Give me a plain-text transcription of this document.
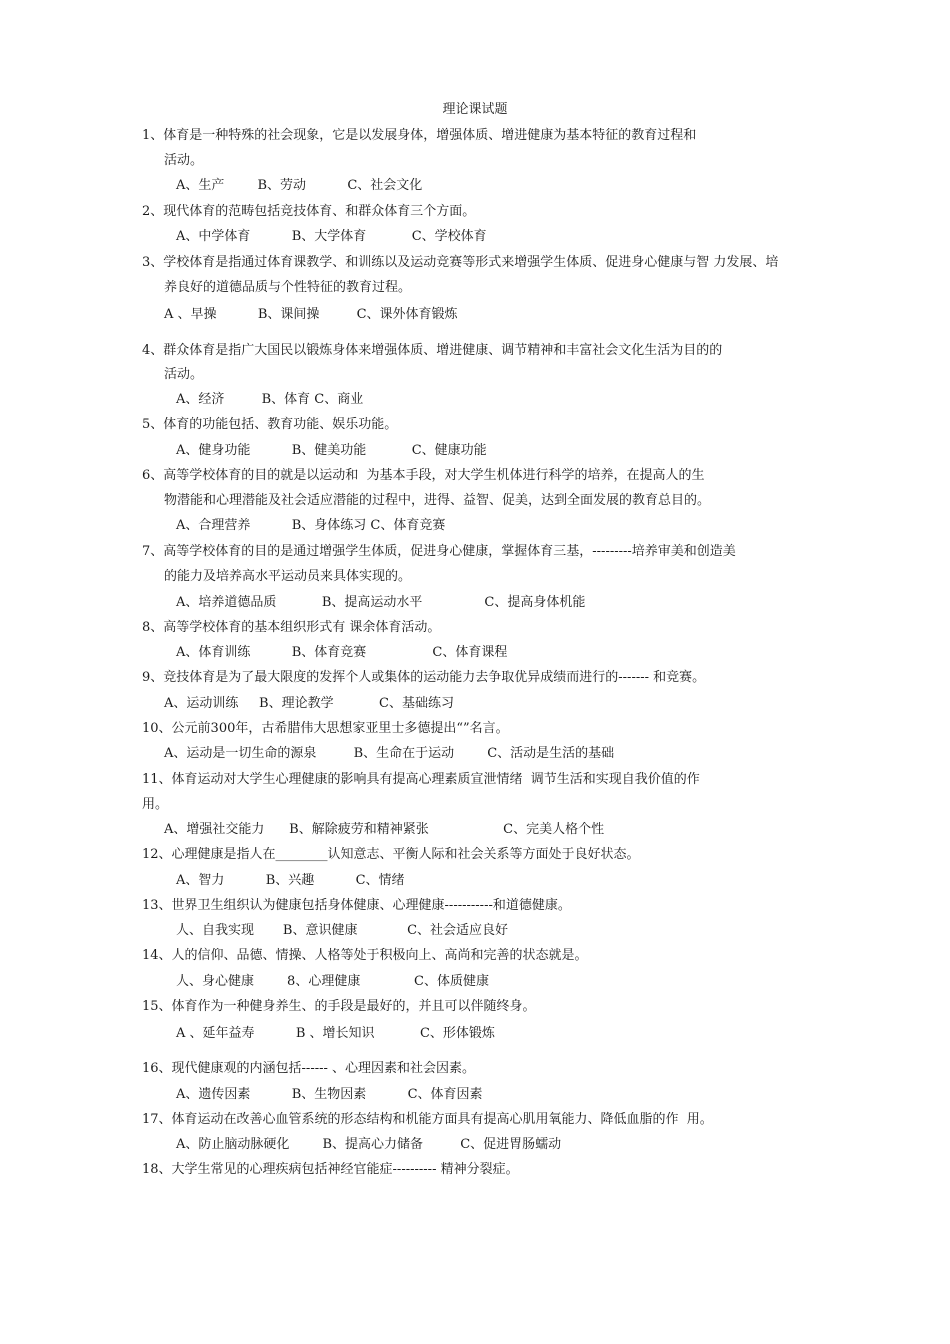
理论课试题
1、体育是一种特殊的社会现象，它是以发展身体，增强体质、增进健康为基本特征的教育过程和
活动。
A、生产        B、劳动          C、社会文化
2、现代体育的范畴包括竞技体育、和群众体育三个方面。
A、中学体育          B、大学体育           C、学校体育
3、学校体育是指通过体育课教学、和训练以及运动竞赛等形式来增强学生体质、促进身心健康与智 力发展、培
养良好的道德品质与个性特征的教育过程。
A 、早操          B、课间操         C、课外体育锻炼
4、群众体育是指广大国民以锻炼身体来增强体质、增进健康、调节精神和丰富社会文化生活为目的的
活动。
A、经济         B、体育 C、商业
5、体育的功能包括、教育功能、娱乐功能。
A、健身功能          B、健美功能           C、健康功能
6、高等学校体育的目的就是以运动和  为基本手段，对大学生机体进行科学的培养，在提高人的生
物潜能和心理潜能及社会适应潜能的过程中，进得、益智、促美，达到全面发展的教育总目的。
A、合理营养          B、身体练习 C、体育竞赛
7、高等学校体育的目的是通过增强学生体质，促进身心健康，掌握体育三基，---------培养审美和创造美
的能力及培养高水平运动员来具体实现的。
A、培养道德品质           B、提高运动水平               C、提高身体机能
8、高等学校体育的基本组织形式有 课余体育活动。
A、体育训练          B、体育竞赛                C、体育课程
9、竞技体育是为了最大限度的发挥个人或集体的运动能力去争取优异成绩而进行的------- 和竞赛。
A、运动训练     B、理论教学           C、基础练习
10、公元前300年，古希腊伟大思想家亚里士多德提出“”名言。
A、运动是一切生命的源泉         B、生命在于运动        C、活动是生活的基础
11、体育运动对大学生心理健康的影响具有提高心理素质宣泄情绪  调节生活和实现自我价值的作
用。
A、增强社交能力      B、解除疲劳和精神紧张                  C、完美人格个性
12、心理健康是指人在________认知意志、平衡人际和社会关系等方面处于良好状态。
A、智力          B、兴趣          C、情绪
13、世界卫生组织认为健康包括身体健康、心理健康-----------和道德健康。
人、自我实现       B、意识健康            C、社会适应良好
14、人的信仰、品德、情操、人格等处于积极向上、高尚和完善的状态就是。
人、身心健康        8、心理健康             C、体质健康
15、体育作为一种健身养生、的手段是最好的，并且可以伴随终身。
A 、延年益寿          B 、增长知识           C、形体锻炼
16、现代健康观的内涵包括------ 、心理因素和社会因素。
A、遗传因素          B、生物因素          C、体育因素
17、体育运动在改善心血管系统的形态结构和机能方面具有提高心肌用氧能力、降低血脂的作  用。
A、防止脑动脉硬化        B、提高心力储备         C、促进胃肠蠕动
18、大学生常见的心理疾病包括神经官能症---------- 精神分裂症。
